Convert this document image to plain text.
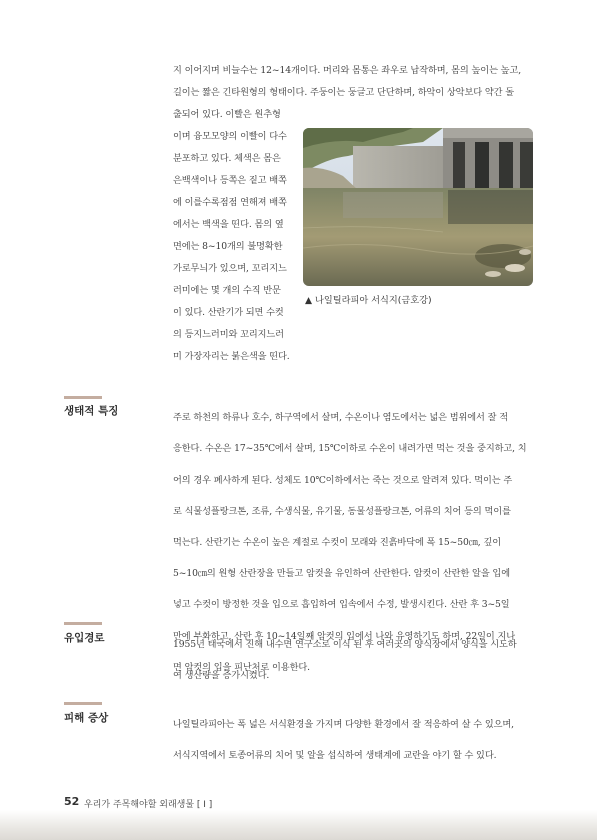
지 이어지며 비늘수는 12~14개이다. 머리와 몸통은 좌우로 납작하며, 몸의 높이는 높고,

길이는 짧은 긴타원형의 형태이다. 주둥이는 둥글고 단단하며, 하악이 상악보다 약간 돌

출되어 있다. 이빨은 원추형

이며 융모모양의 이빨이 다수

분포하고 있다. 체색은 몸은

은백색이나 등쪽은 짙고 배쪽

에 이를수록점점 연해져 배쪽

에서는 백색을 띤다. 몸의 옆

면에는 8~10개의 불명확한

가로무늬가 있으며, 꼬리지느

러미에는 몇 개의 수직 반문

이 있다. 산란기가 되면 수컷

의 등지느러미와 꼬리지느러

미 가장자리는 붉은색을 띤다.

▲ 나일틸라피아 서식지(금호강)
생태적 특징

주로 하천의 하류나 호수, 하구역에서 살며, 수온이나 염도에서는 넓은 범위에서 잘 적

응한다. 수온은 17~35℃에서 살며, 15℃이하로 수온이 내려가면 먹는 것을 중지하고, 치

어의 경우 폐사하게 된다. 성체도 10℃이하에서는 죽는 것으로 알려져 있다. 먹이는 주

로 식물성플랑크톤, 조류, 수생식물, 유기물, 동물성플랑크톤, 어류의 치어 등의 먹이를

먹는다. 산란기는 수온이 높은 계절로 수컷이 모래와 진흙바닥에 폭 15~50㎝, 깊이

5~10㎝의 원형 산란장을 만들고 암컷을 유인하여 산란한다. 암컷이 산란한 알을 입에

넣고 수컷이 방정한 것을 입으로 흡입하여 입속에서 수정, 발생시킨다. 산란 후 3~5일

만에 부화하고, 산란 후 10~14일째 암컷의 입에서 나와 유영하기도 하며, 22일이 지나

면 암컷의 입을 피난처로 이용한다.

유입경로

1955년 태국에서 진해 내수면 연구소로 이식 된 후 여러곳의 양식장에서 양식을 시도하

여 생산량을 증가시켰다.

피해 증상

나일틸라피아는 폭 넓은 서식환경을 가지며 다양한 환경에서 잘 적응하여 살 수 있으며,

서식지역에서 토종어류의 치어 및 알을 섭식하여 생태계에 교란을 야기 할 수 있다.

52 우리가 주목해야할 외래생물 [ I ]
